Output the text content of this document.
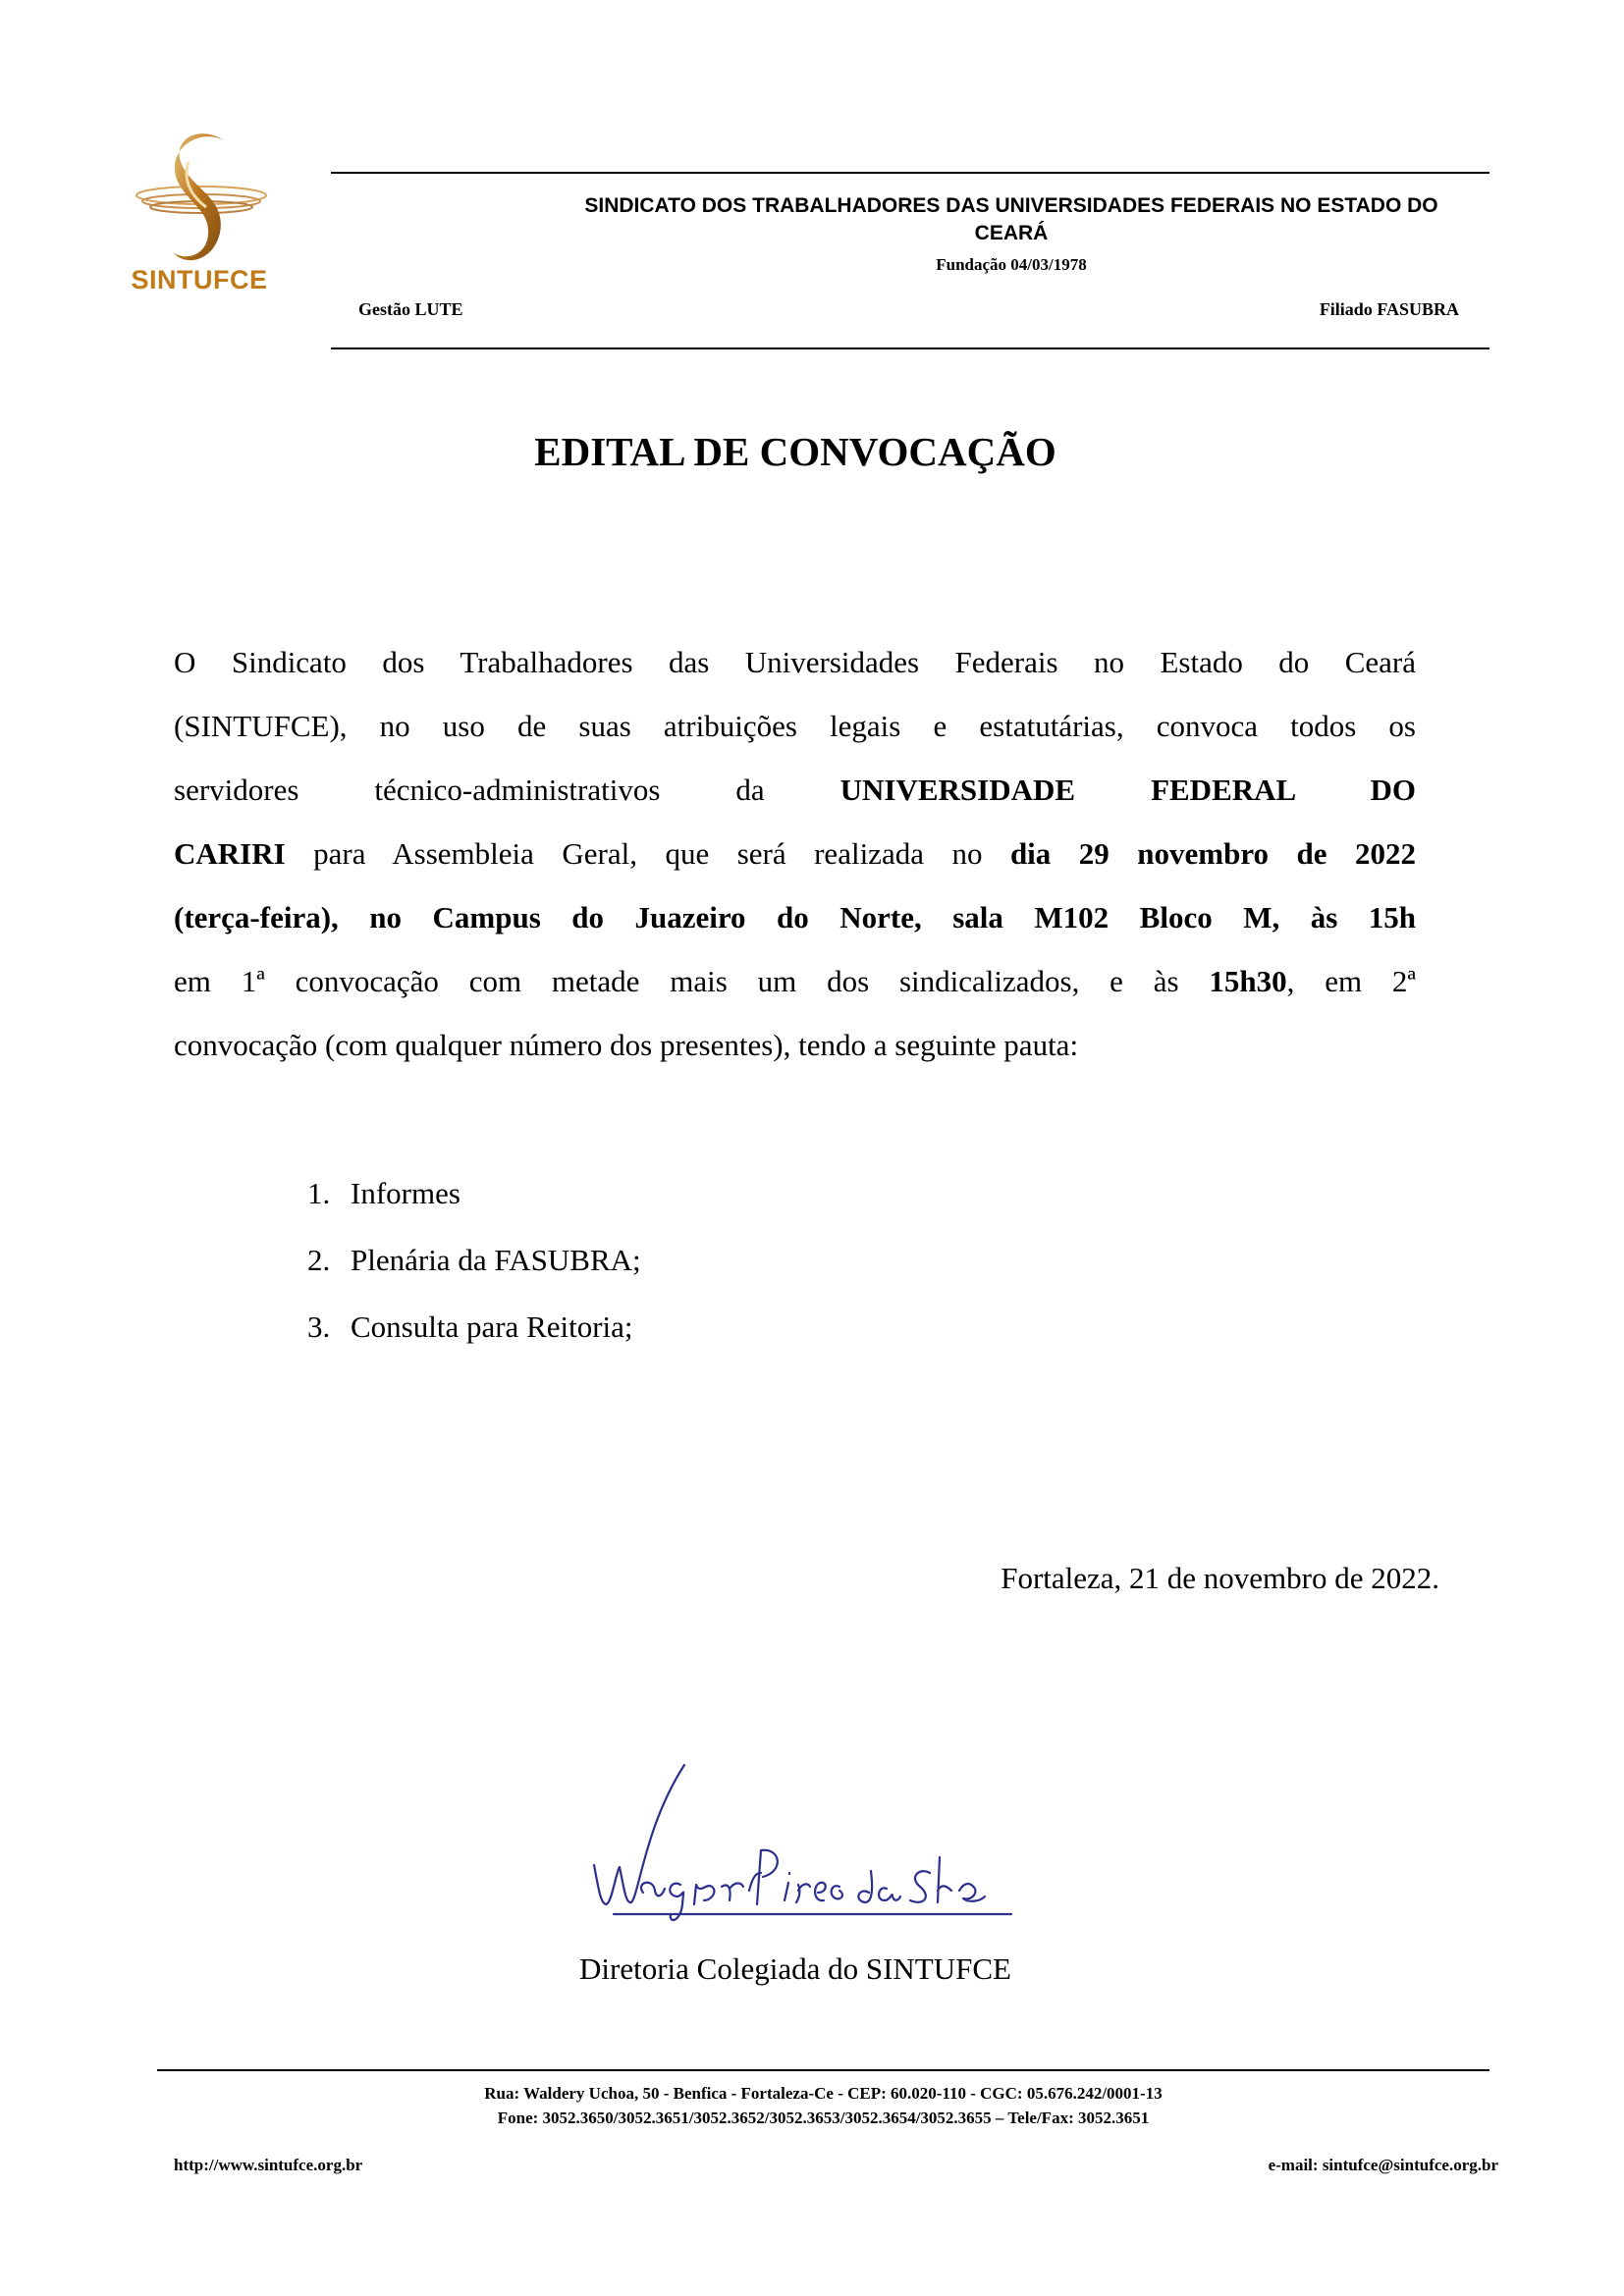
SINTUFCE
SINDICATO DOS TRABALHADORES DAS UNIVERSIDADES FEDERAIS NO ESTADO DO
CEARÁ
Fundação 04/03/1978
Gestão LUTE	Filiado FASUBRA
EDITAL DE CONVOCAÇÃO
O Sindicato dos Trabalhadores das Universidades Federais no Estado do Ceará
(SINTUFCE), no uso de suas atribuições legais e estatutárias, convoca todos os
servidores técnico-administrativos da UNIVERSIDADE FEDERAL DO
CARIRI para Assembleia Geral, que será realizada no dia 29 novembro de 2022
(terça-feira), no Campus do Juazeiro do Norte, sala M102 Bloco M, às 15h
em 1ª convocação com metade mais um dos sindicalizados, e às 15h30, em 2ª
convocação (com qualquer número dos presentes), tendo a seguinte pauta:
1. Informes
2. Plenária da FASUBRA;
3. Consulta para Reitoria;
Fortaleza, 21 de novembro de 2022.
Diretoria Colegiada do SINTUFCE
Rua: Waldery Uchoa, 50 - Benfica - Fortaleza-Ce - CEP: 60.020-110 - CGC: 05.676.242/0001-13
Fone: 3052.3650/3052.3651/3052.3652/3052.3653/3052.3654/3052.3655 – Tele/Fax: 3052.3651
http://www.sintufce.org.br	e-mail: sintufce@sintufce.org.br
